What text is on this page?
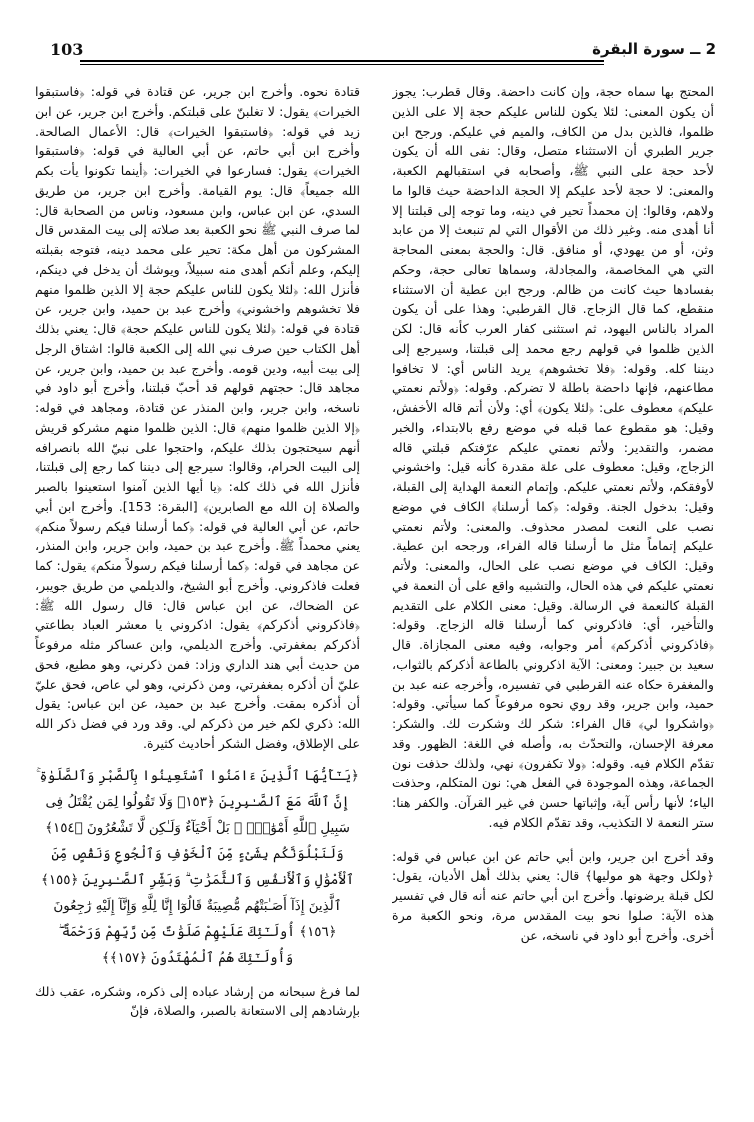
103	2 ــ سورة البقرة

المحتج بها سماه حجة، وإن كانت داحضة. وقال قطرب: يجوز أن يكون المعنى: لئلا يكون للناس عليكم حجة إلا على الذين ظلموا، فالذين بدل من الكاف، والميم في عليكم. ورجح ابن جرير الطبري أن الاستثناء متصل، وقال: نفى الله أن يكون لأحد حجة على النبي ﷺ، وأصحابه في استقبالهم الكعبة، والمعنى: لا حجة لأحد عليكم إلا الحجة الداحضة حيث قالوا ما ولاهم، وقالوا: إن محمداً تحير في دينه، وما توجه إلى قبلتنا إلا أنا أهدى منه. وغير ذلك من الأقوال التي لم تنبعث إلا من عابد وثن، أو من يهودي، أو منافق. قال: والحجة بمعنى المحاجة التي هي المخاصمة، والمجادلة، وسماها تعالى حجة، وحكم بفسادها حيث كانت من ظالم. ورجح ابن عطية أن الاستثناء منقطع، كما قال الزجاج. قال القرطبي: وهذا على أن يكون المراد بالناس اليهود، ثم استثنى كفار العرب كأنه قال: لكن الذين ظلموا في قولهم رجع محمد إلى قبلتنا، وسيرجع إلى ديننا كله. وقوله: ﴿فلا تخشوهم﴾ يريد الناس أي: لا تخافوا مطاعنهم، فإنها داحضة باطلة لا تضركم. وقوله: ﴿ولأتم نعمتي عليكم﴾ معطوف على: ﴿لئلا يكون﴾ أي: ولأن أتم قاله الأخفش، وقيل: هو مقطوع عما قبله في موضع رفع بالابتداء، والخبر مضمر، والتقدير: ولأتم نعمتي عليكم عرّفتكم قبلتي قاله الزجاج، وقيل: معطوف على علة مقدرة كأنه قيل: واخشوني لأوفقكم، ولأتم نعمتي عليكم. وإتمام النعمة الهداية إلى القبلة، وقيل: بدخول الجنة. وقوله: ﴿كما أرسلنا﴾ الكاف في موضع نصب على النعت لمصدر محذوف. والمعنى: ولأتم نعمتي عليكم إتماماً مثل ما أرسلنا قاله الفراء، ورجحه ابن عطية. وقيل: الكاف في موضع نصب على الحال، والمعنى: ولأتم نعمتي عليكم في هذه الحال، والتشبيه واقع على أن النعمة في القبلة كالنعمة في الرسالة. وقيل: معنى الكلام على التقديم والتأخير، أي: فاذكروني كما أرسلنا قاله الزجاج. وقوله: ﴿فاذكروني أذكركم﴾ أمر وجوابه، وفيه معنى المجازاة. قال سعيد بن جبير: ومعنى: الآية اذكروني بالطاعة أذكركم بالثواب، والمغفرة حكاه عنه القرطبي في تفسيره، وأخرجه عنه عبد بن حميد، وابن جرير، وقد روي نحوه مرفوعاً كما سيأتي. وقوله: ﴿واشكروا لي﴾ قال الفراء: شكر لك وشكرت لك. والشكر: معرفة الإحسان، والتحدّث به، وأصله في اللغة: الظهور. وقد تقدّم الكلام فيه. وقوله: ﴿ولا تكفرون﴾ نهي، ولذلك حذفت نون الجماعة، وهذه الموجودة في الفعل هي: نون المتكلم، وحذفت الياء؛ لأنها رأس آية، وإثباتها حسن في غير القرآن. والكفر هنا: ستر النعمة لا التكذيب، وقد تقدّم الكلام فيه.

وقد أخرج ابن جرير، وابن أبي حاتم عن ابن عباس في قوله: ﴿ولكل وجهة هو موليها﴾ قال: يعني بذلك أهل الأديان، يقول: لكل قبلة يرضونها. وأخرج ابن أبي حاتم عنه أنه قال في تفسير هذه الآية: صلوا نحو بيت المقدس مرة، ونحو الكعبة مرة أخرى. وأخرج أبو داود في ناسخه، عن

قتادة نحوه. وأخرج ابن جرير، عن قتادة في قوله: ﴿فاستبقوا الخيرات﴾ يقول: لا تغلبنّ على قبلتكم. وأخرج ابن جرير، عن ابن زيد في قوله: ﴿فاستبقوا الخيرات﴾ قال: الأعمال الصالحة. وأخرج ابن أبي حاتم، عن أبي العالية في قوله: ﴿فاستبقوا الخيرات﴾ يقول: فسارعوا في الخيرات: ﴿أينما تكونوا يأت بكم الله جميعاً﴾ قال: يوم القيامة. وأخرج ابن جرير، من طريق السدي، عن ابن عباس، وابن مسعود، وناس من الصحابة قال: لما صرف النبي ﷺ نحو الكعبة بعد صلاته إلى بيت المقدس قال المشركون من أهل مكة: تحير على محمد دينه، فتوجه بقبلته إليكم، وعلم أنكم أهدى منه سبيلاً، ويوشك أن يدخل في دينكم، فأنزل الله: ﴿لئلا يكون للناس عليكم حجة إلا الذين ظلموا منهم فلا تخشوهم واخشوني﴾ وأخرج عبد بن حميد، وابن جرير، عن قتادة في قوله: ﴿لئلا يكون للناس عليكم حجة﴾ قال: يعني بذلك أهل الكتاب حين صرف نبي الله إلى الكعبة قالوا: اشتاق الرجل إلى بيت أبيه، ودين قومه. وأخرج عبد بن حميد، وابن جرير، عن مجاهد قال: حجتهم قولهم قد أحبّ قبلتنا، وأخرج أبو داود في ناسخه، وابن جرير، وابن المنذر عن قتادة، ومجاهد في قوله: ﴿إلا الذين ظلموا منهم﴾ قال: الذين ظلموا منهم مشركو قريش أنهم سيحتجون بذلك عليكم، واحتجوا على نبيّ الله بانصرافه إلى البيت الحرام، وقالوا: سيرجع إلى ديننا كما رجع إلى قبلتنا، فأنزل الله في ذلك كله: ﴿يا أيها الذين آمنوا استعينوا بالصبر والصلاة إن الله مع الصابرين﴾ [البقرة: 153]. وأخرج ابن أبي حاتم، عن أبي العالية في قوله: ﴿كما أرسلنا فيكم رسولاً منكم﴾ يعني محمداً ﷺ. وأخرج عبد بن حميد، وابن جرير، وابن المنذر، عن مجاهد في قوله: ﴿كما أرسلنا فيكم رسولاً منكم﴾ يقول: كما فعلت فاذكروني. وأخرج أبو الشيخ، والديلمي من طريق جويبر، عن الضحاك، عن ابن عباس قال: قال رسول الله ﷺ: ﴿فاذكروني أذكركم﴾ يقول: اذكروني يا معشر العباد بطاعتي أذكركم بمغفرتي. وأخرج الديلمي، وابن عساكر مثله مرفوعاً من حديث أبي هند الداري وزاد: فمن ذكرني، وهو مطيع، فحق عليّ أن أذكره بمغفرتي، ومن ذكرني، وهو لي عاص، فحق عليّ أن أذكره بمقت. وأخرج عبد بن حميد، عن ابن عباس: يقول الله: ذكري لكم خير من ذكركم لي. وقد ورد في فضل ذكر الله على الإطلاق، وفضل الشكر أحاديث كثيرة.

﴿يَـٰٓأَيُّهَا ٱلَّذِينَ ءَامَنُوا ٱسْتَعِينُوا بِٱلصَّبْرِ وَٱلصَّلَوٰةِ ۚ إِنَّ ٱللَّهَ مَعَ ٱلصَّـٰبِرِينَ ﴿١٥٣﴾ وَلَا تَقُولُوا لِمَن يُقْتَلُ فِى سَبِيلِ ٱللَّهِ أَمْوَٰتٌۢ ۚ بَلْ أَحْيَآءٌ وَلَـٰكِن لَّا تَشْعُرُونَ ﴿١٥٤﴾ وَلَنَبْلُوَنَّكُم بِشَىْءٍ مِّنَ ٱلْخَوْفِ وَٱلْجُوعِ وَنَقْصٍ مِّنَ ٱلْأَمْوَٰلِ وَٱلْأَنفُسِ وَٱلثَّمَرَٰتِ ۗ وَبَشِّرِ ٱلصَّـٰبِرِينَ ﴿١٥٥﴾ ٱلَّذِينَ إِذَآ أَصَـٰبَتْهُم مُّصِيبَةٌ قَالُوٓا إِنَّا لِلَّهِ وَإِنَّآ إِلَيْهِ رَٰجِعُونَ ﴿١٥٦﴾ أُولَـٰٓئِكَ عَلَيْهِمْ صَلَوَٰتٌ مِّن رَّبِّهِمْ وَرَحْمَةٌ ۖ وَأُولَـٰٓئِكَ هُمُ ٱلْمُهْتَدُونَ ﴿١٥٧﴾﴾

لما فرغ سبحانه من إرشاد عباده إلى ذكره، وشكره، عقب ذلك بإرشادهم إلى الاستعانة بالصبر، والصلاة، فإنّ
